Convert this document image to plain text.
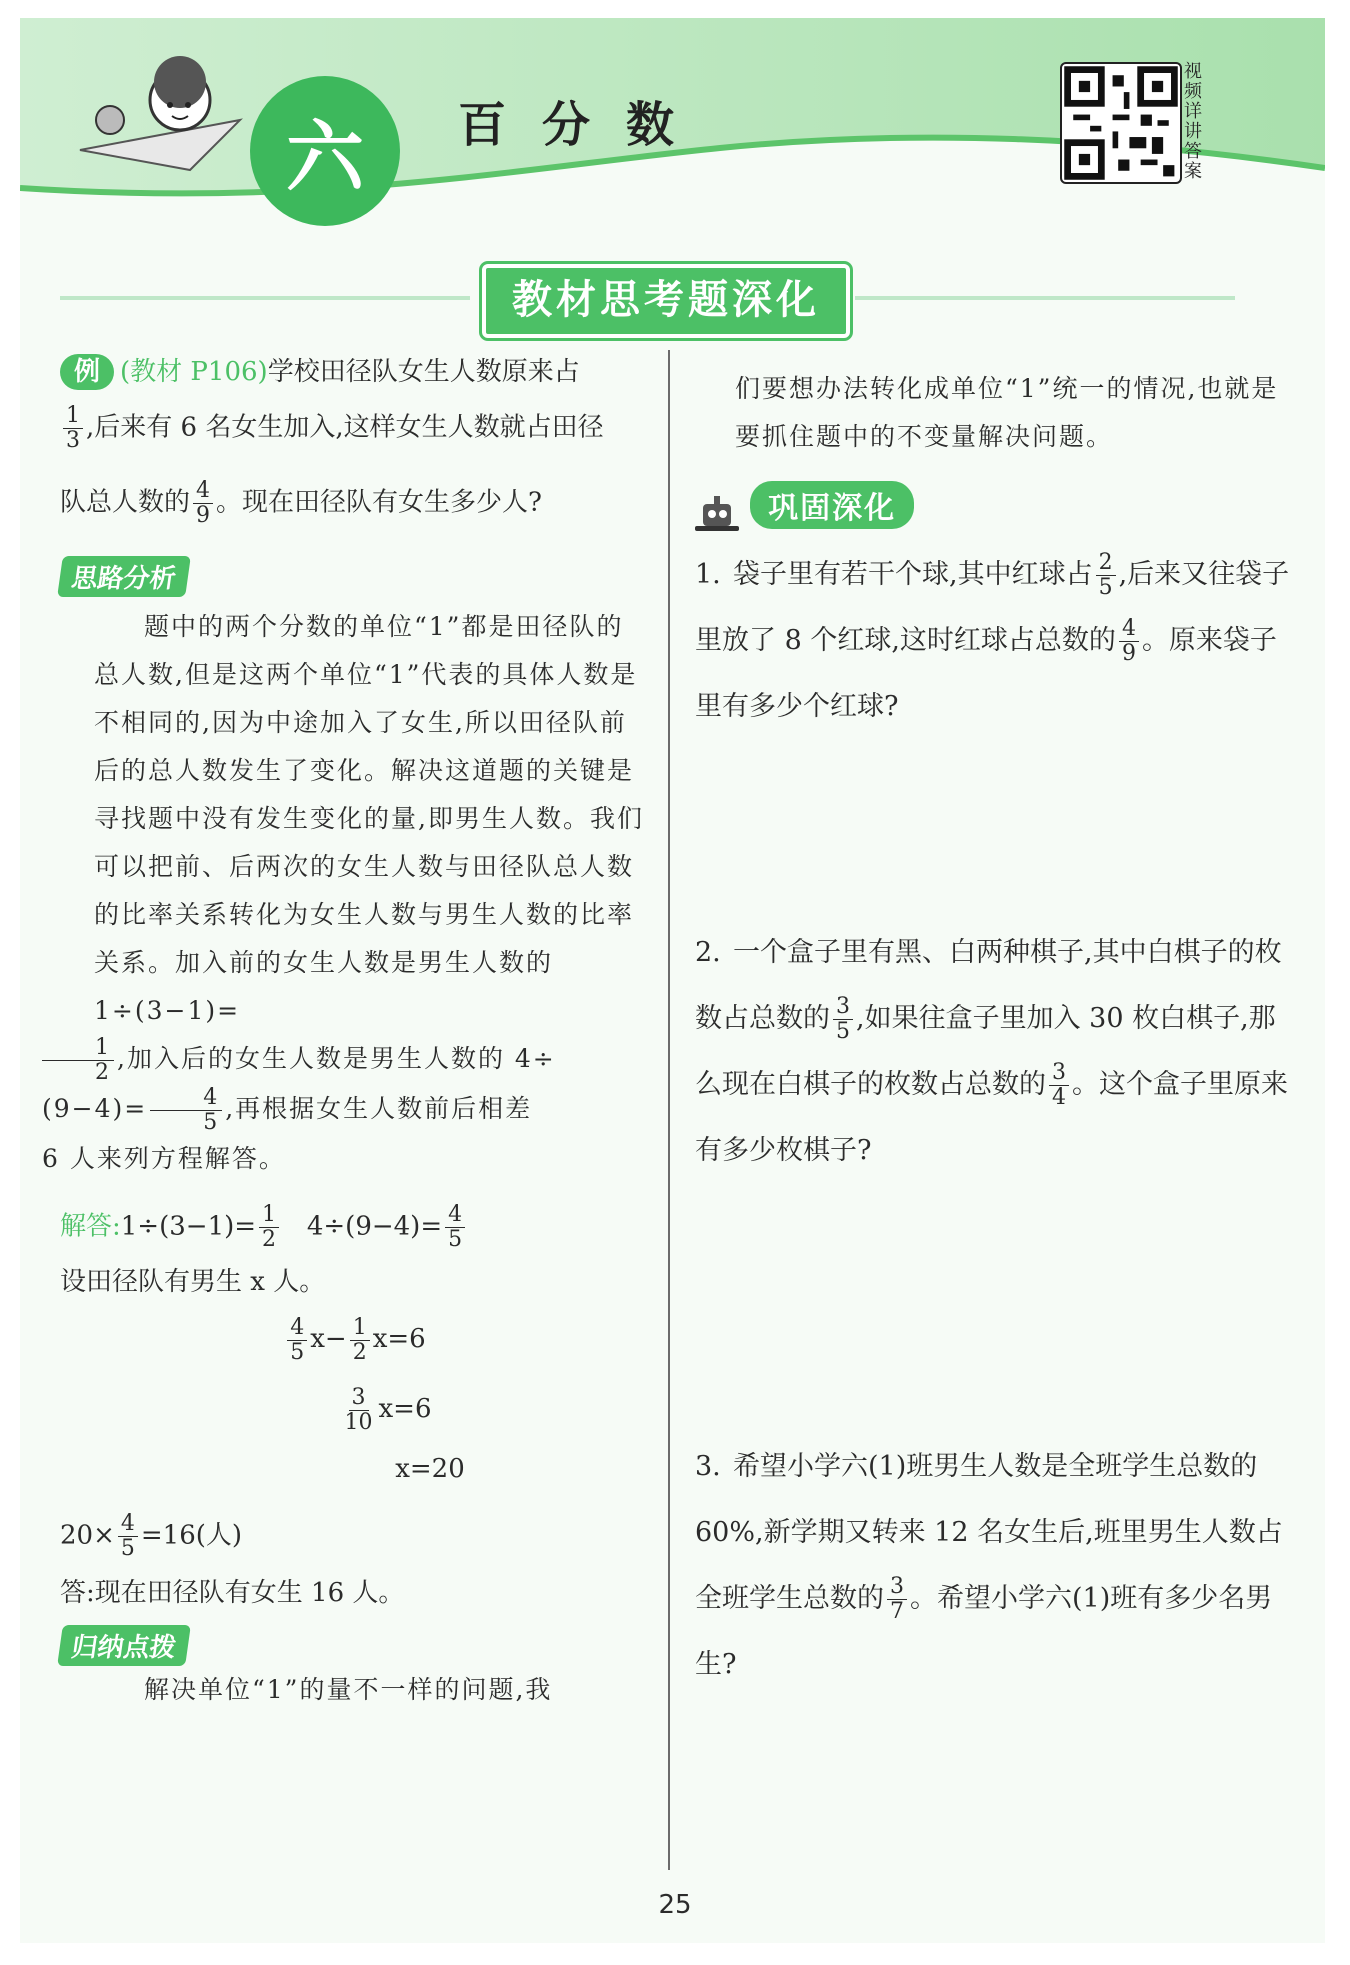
六	百分数
视频详讲答案
教材思考题深化

例 (教材 P106)学校田径队女生人数原来占

$\frac{1}{3}$ ,后来有 6 名女生加入,这样女生人数就占田径

队总人数的 $\frac{4}{9}$ 。现在田径队有女生多少人?

思路分析

题中的两个分数的单位“1”都是田径队的总人数,但是这两个单位“1”代表的具体人数是不相同的,因为中途加入了女生,所以田径队前后的总人数发生了变化。解决这道题的关键是寻找题中没有发生变化的量,即男生人数。我们可以把前、后两次的女生人数与田径队总人数的比率关系转化为女生人数与男生人数的比率关系。加入前的女生人数是男生人数的 1÷(3−1)=

$\frac{1}{2}$ ,加入后的女生人数是男生人数的 4÷
$(9-4)= \frac{4}{5}$ ,再根据女生人数前后相差
6 人来列方程解答。

解答:1÷(3−1)= $\frac{1}{2} 4\div(9-4)= \frac{4}{5}$

设田径队有男生 x 人。

$\frac{4}{5} x- \frac{1}{2} x=6$
$\frac{3}{10} x=6$
x=20

$20\times \frac{4}{5} =16$(人)

答:现在田径队有女生 16 人。

归纳点拨

解决单位“1”的量不一样的问题,我

们要想办法转化成单位“1”统一的情况,也就是要抓住题中的不变量解决问题。

巩固深化

1. 袋子里有若干个球,其中红球占 $\frac{2}{5}$ ,后来又往袋子里放了 8 个红球,这时红球占总数的 $\frac{4}{9}$ 。原来袋子里有多少个红球?

2. 一个盒子里有黑、白两种棋子,其中白棋子的枚数占总数的 $\frac{3}{5}$ ,如果往盒子里加入 30 枚白棋子,那么现在白棋子的枚数占总数的 $\frac{3}{4}$ 。这个盒子里原来有多少枚棋子?

3. 希望小学六(1)班男生人数是全班学生总数的 60%,新学期又转来 12 名女生后,班里男生人数占全班学生总数的 $\frac{3}{7}$ 。希望小学六(1)班有多少名男生?

25
